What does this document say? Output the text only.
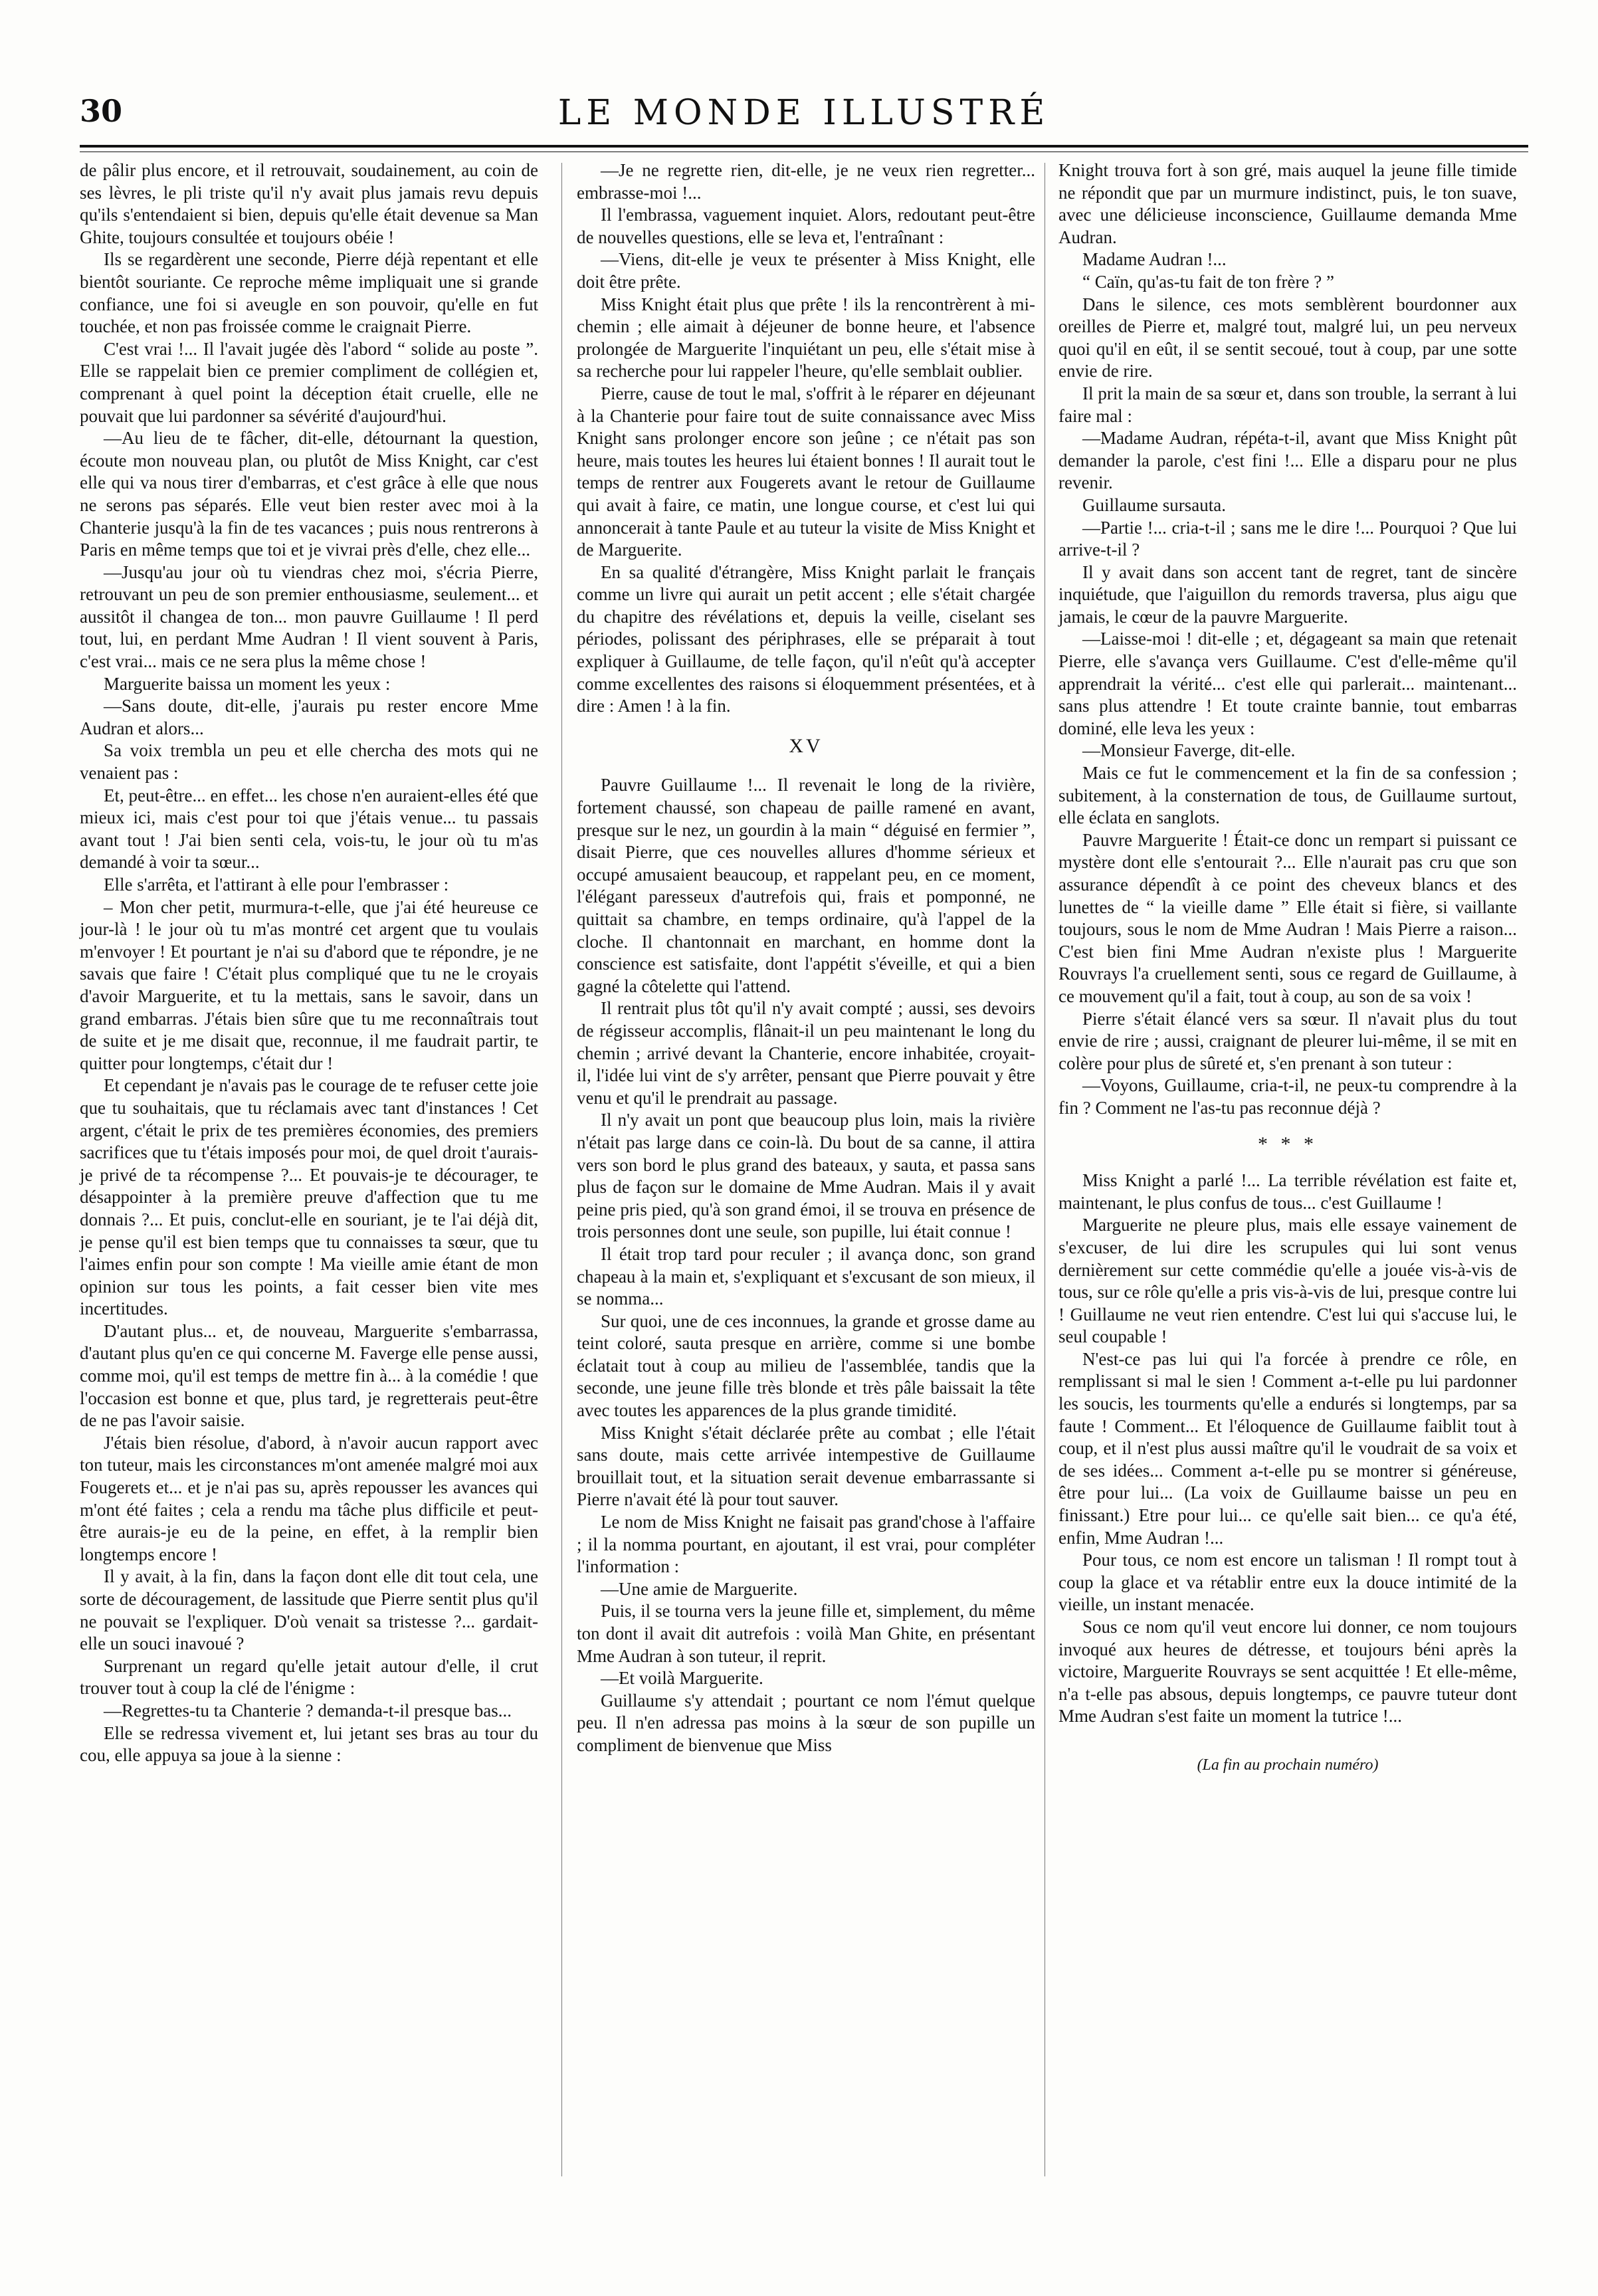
30	LE MONDE ILLUSTRÉ

de pâlir plus encore, et il retrouvait, soudainement, au coin de ses lèvres, le pli triste qu'il n'y avait plus jamais revu depuis qu'ils s'entendaient si bien, depuis qu'elle était devenue sa Man Ghite, toujours consultée et toujours obéie !

Ils se regardèrent une seconde, Pierre déjà repentant et elle bientôt souriante. Ce reproche même impliquait une si grande confiance, une foi si aveugle en son pouvoir, qu'elle en fut touchée, et non pas froissée comme le craignait Pierre.

C'est vrai !... Il l'avait jugée dès l'abord “ solide au poste ”. Elle se rappelait bien ce premier compliment de collégien et, comprenant à quel point la déception était cruelle, elle ne pouvait que lui pardonner sa sévérité d'aujourd'hui.

—Au lieu de te fâcher, dit-elle, détournant la question, écoute mon nouveau plan, ou plutôt de Miss Knight, car c'est elle qui va nous tirer d'embarras, et c'est grâce à elle que nous ne serons pas séparés. Elle veut bien rester avec moi à la Chanterie jusqu'à la fin de tes vacances ; puis nous rentrerons à Paris en même temps que toi et je vivrai près d'elle, chez elle...

—Jusqu'au jour où tu viendras chez moi, s'écria Pierre, retrouvant un peu de son premier enthousiasme, seulement... et aussitôt il changea de ton... mon pauvre Guillaume ! Il perd tout, lui, en perdant Mme Audran ! Il vient souvent à Paris, c'est vrai... mais ce ne sera plus la même chose !

Marguerite baissa un moment les yeux :

—Sans doute, dit-elle, j'aurais pu rester encore Mme Audran et alors...

Sa voix trembla un peu et elle chercha des mots qui ne venaient pas :

Et, peut-être... en effet... les chose n'en auraient-elles été que mieux ici, mais c'est pour toi que j'étais venue... tu passais avant tout ! J'ai bien senti cela, vois-tu, le jour où tu m'as demandé à voir ta sœur...

Elle s'arrêta, et l'attirant à elle pour l'embrasser :

– Mon cher petit, murmura-t-elle, que j'ai été heureuse ce jour-là ! le jour où tu m'as montré cet argent que tu voulais m'envoyer ! Et pourtant je n'ai su d'abord que te répondre, je ne savais que faire ! C'était plus compliqué que tu ne le croyais d'avoir Marguerite, et tu la mettais, sans le savoir, dans un grand embarras. J'étais bien sûre que tu me reconnaîtrais tout de suite et je me disait que, reconnue, il me faudrait partir, te quitter pour longtemps, c'était dur !

Et cependant je n'avais pas le courage de te refuser cette joie que tu souhaitais, que tu réclamais avec tant d'instances ! Cet argent, c'était le prix de tes premières économies, des premiers sacrifices que tu t'étais imposés pour moi, de quel droit t'aurais-je privé de ta récompense ?... Et pouvais-je te décourager, te désappointer à la première preuve d'affection que tu me donnais ?... Et puis, conclut-elle en souriant, je te l'ai déjà dit, je pense qu'il est bien temps que tu connaisses ta sœur, que tu l'aimes enfin pour son compte ! Ma vieille amie étant de mon opinion sur tous les points, a fait cesser bien vite mes incertitudes.

D'autant plus... et, de nouveau, Marguerite s'embarrassa, d'autant plus qu'en ce qui concerne M. Faverge elle pense aussi, comme moi, qu'il est temps de mettre fin à... à la comédie ! que l'occasion est bonne et que, plus tard, je regretterais peut-être de ne pas l'avoir saisie.

J'étais bien résolue, d'abord, à n'avoir aucun rapport avec ton tuteur, mais les circonstances m'ont amenée malgré moi aux Fougerets et... et je n'ai pas su, après repousser les avances qui m'ont été faites ; cela a rendu ma tâche plus difficile et peut-être aurais-je eu de la peine, en effet, à la remplir bien longtemps encore !

Il y avait, à la fin, dans la façon dont elle dit tout cela, une sorte de découragement, de lassitude que Pierre sentit plus qu'il ne pouvait se l'expliquer. D'où venait sa tristesse ?... gardait-elle un souci inavoué ?

Surprenant un regard qu'elle jetait autour d'elle, il crut trouver tout à coup la clé de l'énigme :

—Regrettes-tu ta Chanterie ? demanda-t-il presque bas...

Elle se redressa vivement et, lui jetant ses bras au tour du cou, elle appuya sa joue à la sienne :

—Je ne regrette rien, dit-elle, je ne veux rien regretter... embrasse-moi !...

Il l'embrassa, vaguement inquiet. Alors, redoutant peut-être de nouvelles questions, elle se leva et, l'entraînant :

—Viens, dit-elle je veux te présenter à Miss Knight, elle doit être prête.

Miss Knight était plus que prête ! ils la rencontrèrent à mi-chemin ; elle aimait à déjeuner de bonne heure, et l'absence prolongée de Marguerite l'inquiétant un peu, elle s'était mise à sa recherche pour lui rappeler l'heure, qu'elle semblait oublier.

Pierre, cause de tout le mal, s'offrit à le réparer en déjeunant à la Chanterie pour faire tout de suite connaissance avec Miss Knight sans prolonger encore son jeûne ; ce n'était pas son heure, mais toutes les heures lui étaient bonnes ! Il aurait tout le temps de rentrer aux Fougerets avant le retour de Guillaume qui avait à faire, ce matin, une longue course, et c'est lui qui annoncerait à tante Paule et au tuteur la visite de Miss Knight et de Marguerite.

En sa qualité d'étrangère, Miss Knight parlait le français comme un livre qui aurait un petit accent ; elle s'était chargée du chapitre des révélations et, depuis la veille, ciselant ses périodes, polissant des périphrases, elle se préparait à tout expliquer à Guillaume, de telle façon, qu'il n'eût qu'à accepter comme excellentes des raisons si éloquemment présentées, et à dire : Amen ! à la fin.

XV

Pauvre Guillaume !... Il revenait le long de la rivière, fortement chaussé, son chapeau de paille ramené en avant, presque sur le nez, un gourdin à la main “ déguisé en fermier ”, disait Pierre, que ces nouvelles allures d'homme sérieux et occupé amusaient beaucoup, et rappelant peu, en ce moment, l'élégant paresseux d'autrefois qui, frais et pomponné, ne quittait sa chambre, en temps ordinaire, qu'à l'appel de la cloche. Il chantonnait en marchant, en homme dont la conscience est satisfaite, dont l'appétit s'éveille, et qui a bien gagné la côtelette qui l'attend.

Il rentrait plus tôt qu'il n'y avait compté ; aussi, ses devoirs de régisseur accomplis, flânait-il un peu maintenant le long du chemin ; arrivé devant la Chanterie, encore inhabitée, croyait-il, l'idée lui vint de s'y arrêter, pensant que Pierre pouvait y être venu et qu'il le prendrait au passage.

Il n'y avait un pont que beaucoup plus loin, mais la rivière n'était pas large dans ce coin-là. Du bout de sa canne, il attira vers son bord le plus grand des bateaux, y sauta, et passa sans plus de façon sur le domaine de Mme Audran. Mais il y avait peine pris pied, qu'à son grand émoi, il se trouva en présence de trois personnes dont une seule, son pupille, lui était connue !

Il était trop tard pour reculer ; il avança donc, son grand chapeau à la main et, s'expliquant et s'excusant de son mieux, il se nomma...

Sur quoi, une de ces inconnues, la grande et grosse dame au teint coloré, sauta presque en arrière, comme si une bombe éclatait tout à coup au milieu de l'assemblée, tandis que la seconde, une jeune fille très blonde et très pâle baissait la tête avec toutes les apparences de la plus grande timidité.

Miss Knight s'était déclarée prête au combat ; elle l'était sans doute, mais cette arrivée intempestive de Guillaume brouillait tout, et la situation serait devenue embarrassante si Pierre n'avait été là pour tout sauver.

Le nom de Miss Knight ne faisait pas grand'chose à l'affaire ; il la nomma pourtant, en ajoutant, il est vrai, pour compléter l'information :

—Une amie de Marguerite.

Puis, il se tourna vers la jeune fille et, simplement, du même ton dont il avait dit autrefois : voilà Man Ghite, en présentant Mme Audran à son tuteur, il reprit.

—Et voilà Marguerite.

Guillaume s'y attendait ; pourtant ce nom l'émut quelque peu. Il n'en adressa pas moins à la sœur de son pupille un compliment de bienvenue que Miss

Knight trouva fort à son gré, mais auquel la jeune fille timide ne répondit que par un murmure indistinct, puis, le ton suave, avec une délicieuse inconscience, Guillaume demanda Mme Audran.

Madame Audran !...

“ Caïn, qu'as-tu fait de ton frère ? ”

Dans le silence, ces mots semblèrent bourdonner aux oreilles de Pierre et, malgré tout, malgré lui, un peu nerveux quoi qu'il en eût, il se sentit secoué, tout à coup, par une sotte envie de rire.

Il prit la main de sa sœur et, dans son trouble, la serrant à lui faire mal :

—Madame Audran, répéta-t-il, avant que Miss Knight pût demander la parole, c'est fini !... Elle a disparu pour ne plus revenir.

Guillaume sursauta.

—Partie !... cria-t-il ; sans me le dire !... Pourquoi ? Que lui arrive-t-il ?

Il y avait dans son accent tant de regret, tant de sincère inquiétude, que l'aiguillon du remords traversa, plus aigu que jamais, le cœur de la pauvre Marguerite.

—Laisse-moi ! dit-elle ; et, dégageant sa main que retenait Pierre, elle s'avança vers Guillaume. C'est d'elle-même qu'il apprendrait la vérité... c'est elle qui parlerait... maintenant... sans plus attendre ! Et toute crainte bannie, tout embarras dominé, elle leva les yeux :

—Monsieur Faverge, dit-elle.

Mais ce fut le commencement et la fin de sa confession ; subitement, à la consternation de tous, de Guillaume surtout, elle éclata en sanglots.

Pauvre Marguerite ! Était-ce donc un rempart si puissant ce mystère dont elle s'entourait ?... Elle n'aurait pas cru que son assurance dépendît à ce point des cheveux blancs et des lunettes de “ la vieille dame ” Elle était si fière, si vaillante toujours, sous le nom de Mme Audran ! Mais Pierre a raison... C'est bien fini Mme Audran n'existe plus ! Marguerite Rouvrays l'a cruellement senti, sous ce regard de Guillaume, à ce mouvement qu'il a fait, tout à coup, au son de sa voix !

Pierre s'était élancé vers sa sœur. Il n'avait plus du tout envie de rire ; aussi, craignant de pleurer lui-même, il se mit en colère pour plus de sûreté et, s'en prenant à son tuteur :

—Voyons, Guillaume, cria-t-il, ne peux-tu comprendre à la fin ? Comment ne l'as-tu pas reconnue déjà ?

* * *

Miss Knight a parlé !... La terrible révélation est faite et, maintenant, le plus confus de tous... c'est Guillaume !

Marguerite ne pleure plus, mais elle essaye vainement de s'excuser, de lui dire les scrupules qui lui sont venus dernièrement sur cette commédie qu'elle a jouée vis-à-vis de tous, sur ce rôle qu'elle a pris vis-à-vis de lui, presque contre lui ! Guillaume ne veut rien entendre. C'est lui qui s'accuse lui, le seul coupable !

N'est-ce pas lui qui l'a forcée à prendre ce rôle, en remplissant si mal le sien ! Comment a-t-elle pu lui pardonner les soucis, les tourments qu'elle a endurés si longtemps, par sa faute ! Comment... Et l'éloquence de Guillaume faiblit tout à coup, et il n'est plus aussi maître qu'il le voudrait de sa voix et de ses idées... Comment a-t-elle pu se montrer si généreuse, être pour lui... (La voix de Guillaume baisse un peu en finissant.) Etre pour lui... ce qu'elle sait bien... ce qu'a été, enfin, Mme Audran !...

Pour tous, ce nom est encore un talisman ! Il rompt tout à coup la glace et va rétablir entre eux la douce intimité de la vieille, un instant menacée.

Sous ce nom qu'il veut encore lui donner, ce nom toujours invoqué aux heures de détresse, et toujours béni après la victoire, Marguerite Rouvrays se sent acquittée ! Et elle-même, n'a t-elle pas absous, depuis longtemps, ce pauvre tuteur dont Mme Audran s'est faite un moment la tutrice !...

(La fin au prochain numéro)
